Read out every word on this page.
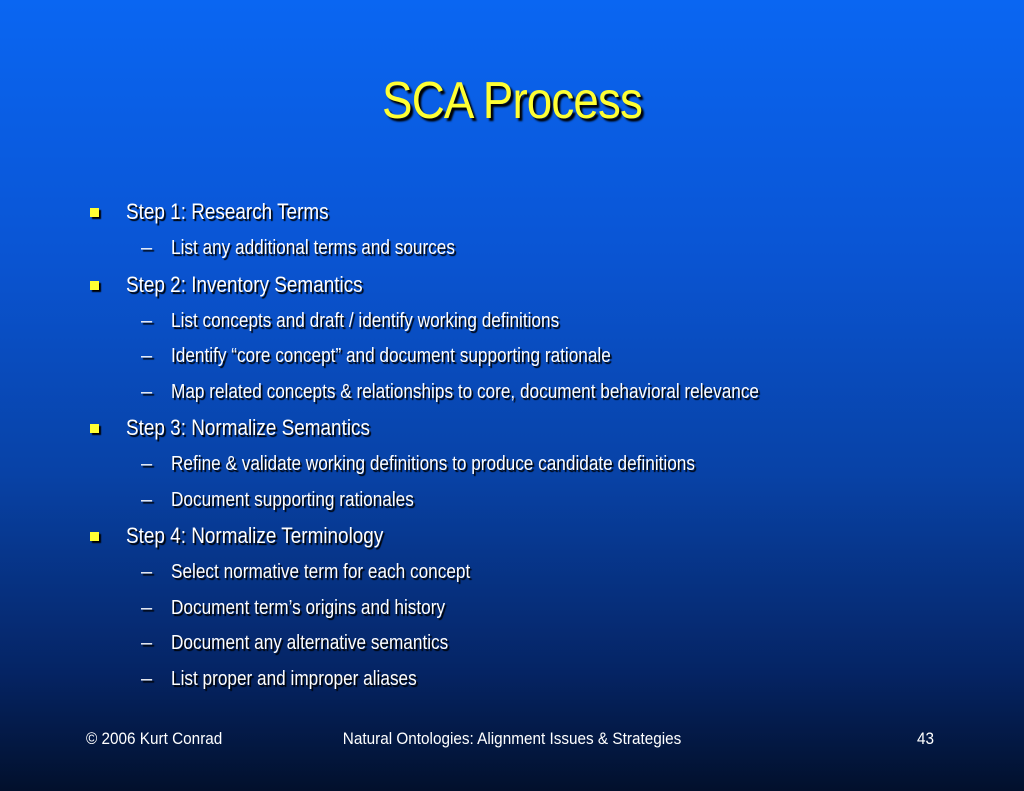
SCA Process
Step 1: Research Terms
– List any additional terms and sources
Step 2: Inventory Semantics
– List concepts and draft / identify working definitions
– Identify “core concept” and document supporting rationale
– Map related concepts & relationships to core, document behavioral relevance
Step 3: Normalize Semantics
– Refine & validate working definitions to produce candidate definitions
– Document supporting rationales
Step 4: Normalize Terminology
– Select normative term for each concept
– Document term’s origins and history
– Document any alternative semantics
– List proper and improper aliases
© 2006 Kurt Conrad	Natural Ontologies: Alignment Issues & Strategies	43
